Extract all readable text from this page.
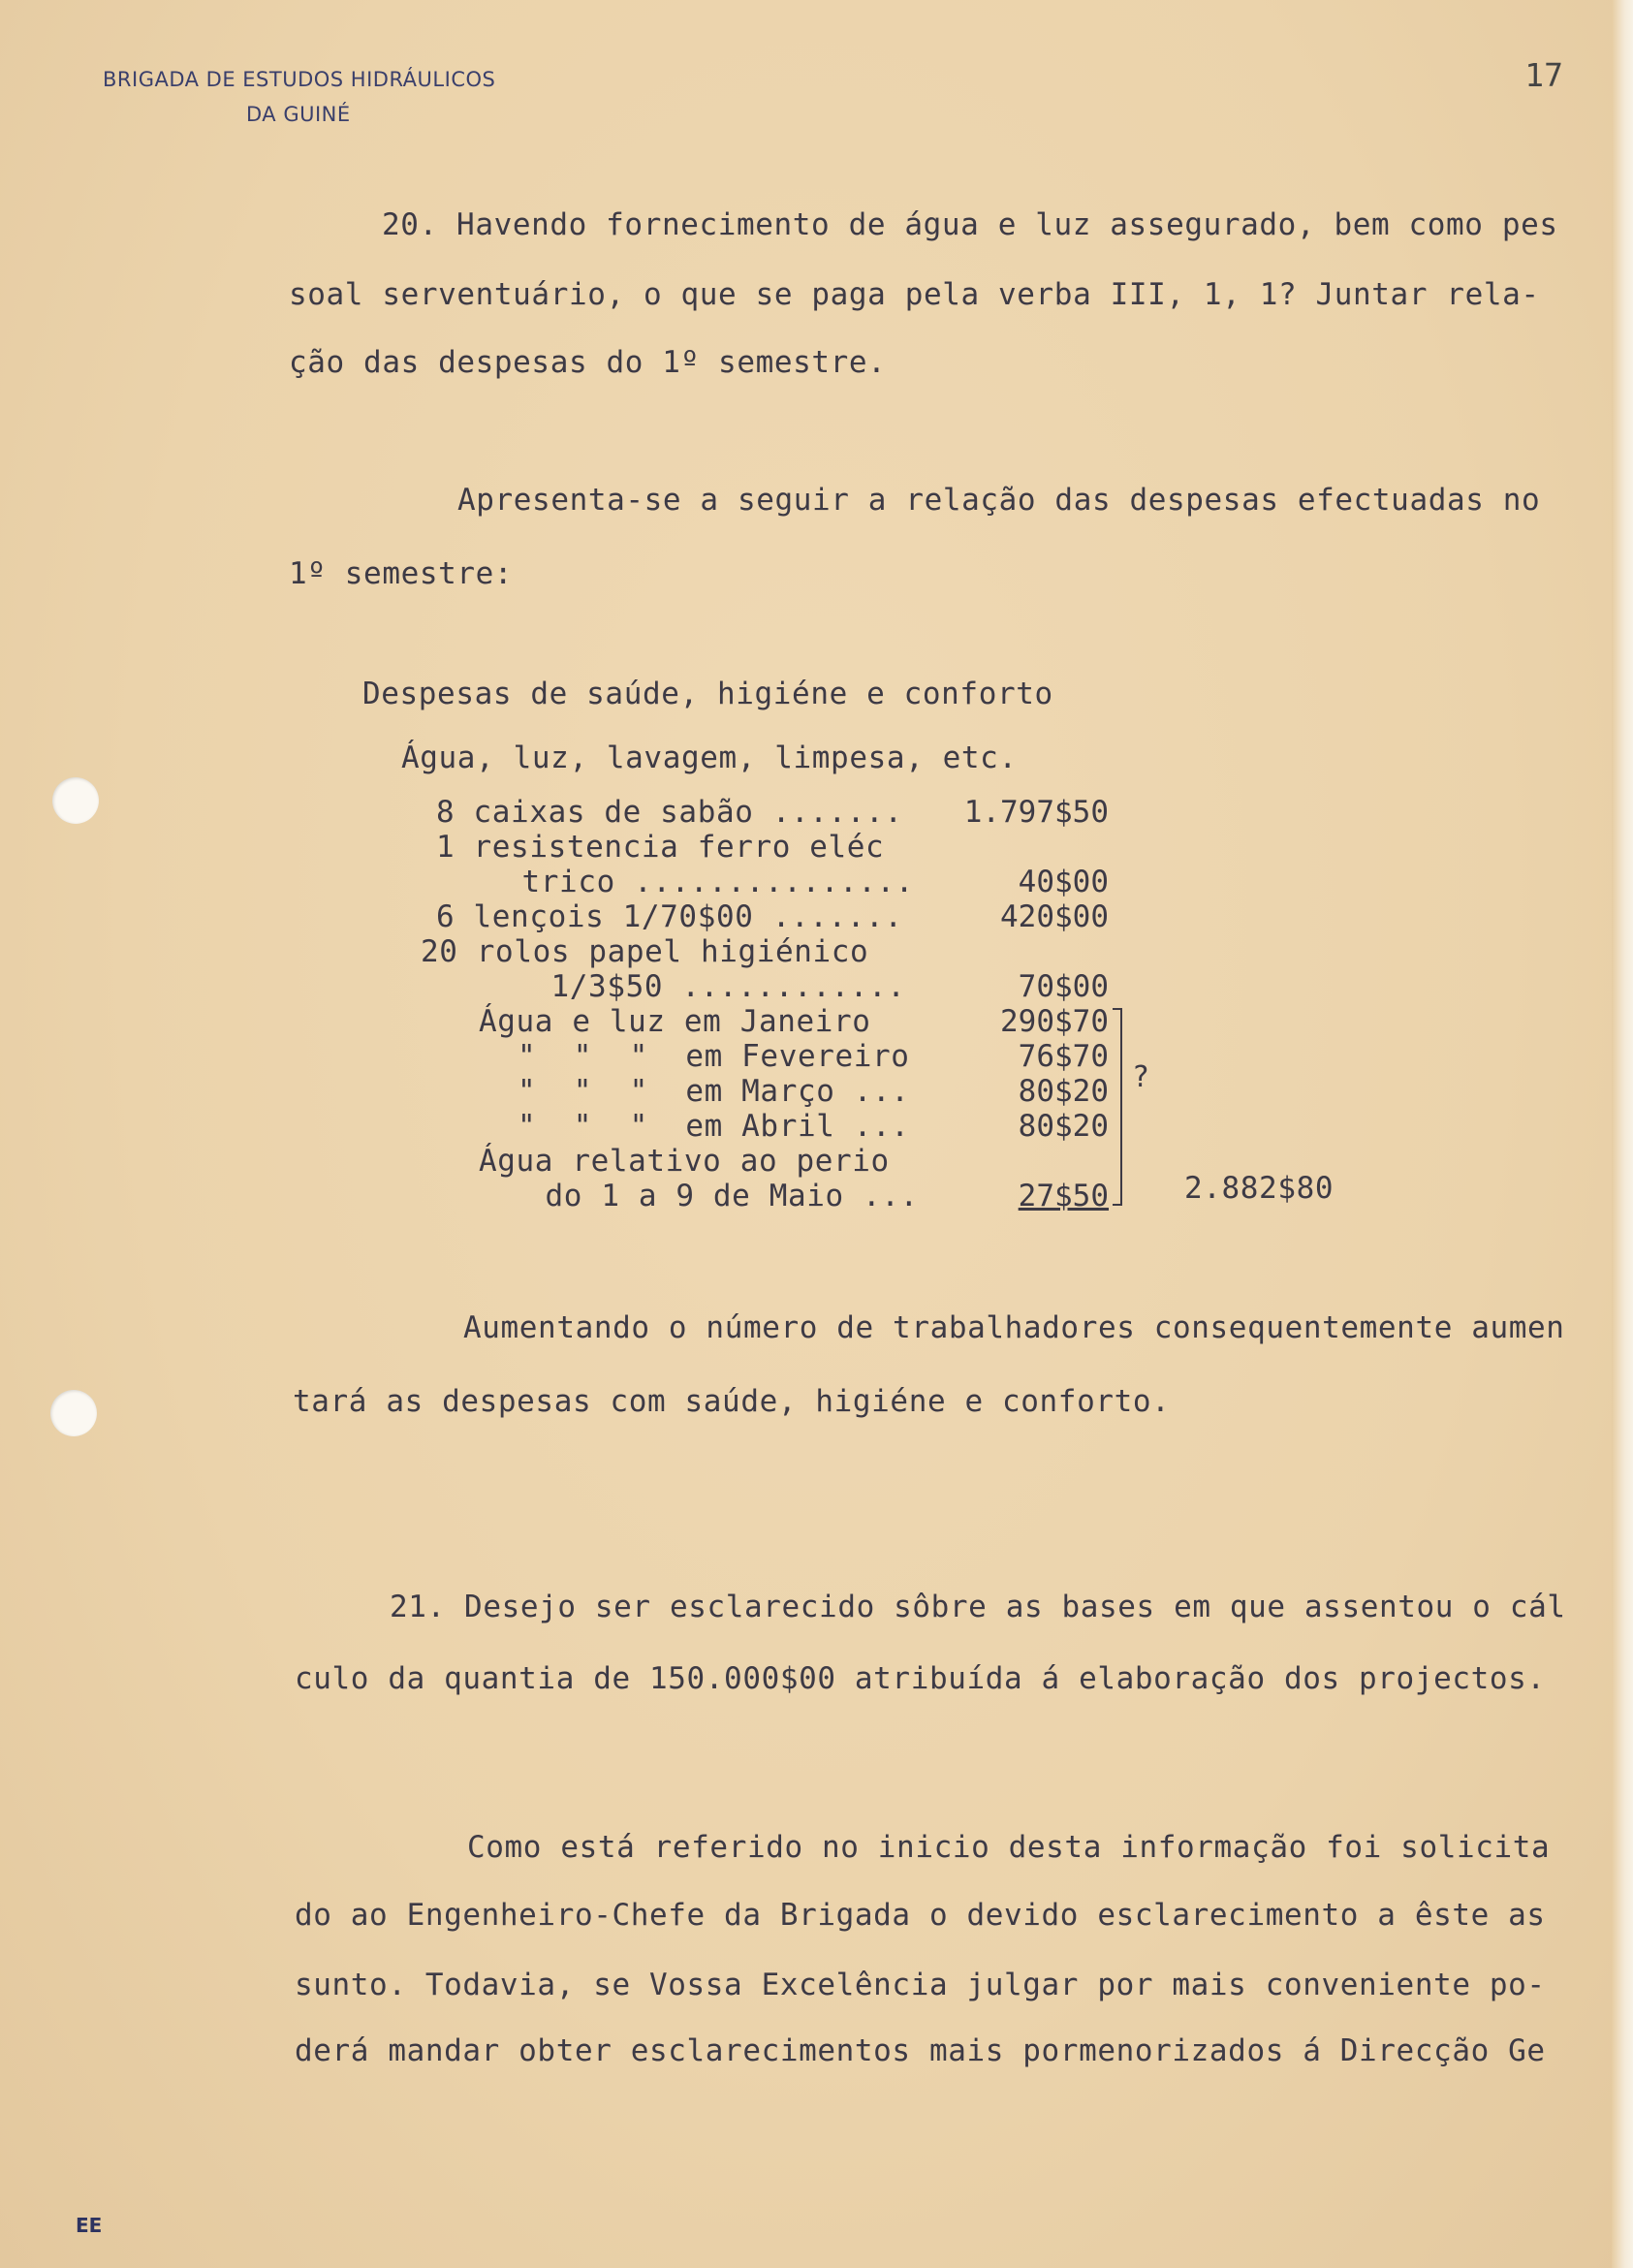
BRIGADA DE ESTUDOS HIDRÁULICOS
DA GUINÉ
17
20. Havendo fornecimento de água e luz assegurado, bem como pes
soal serventuário, o que se paga pela verba III, 1, 1? Juntar rela-
ção das despesas do 1º semestre.
Apresenta-se a seguir a relação das despesas efectuadas no
1º semestre:
Despesas de saúde, higiéne e conforto
Água, luz, lavagem, limpesa, etc.
8 caixas de sabão .......	1.797$50
1 resistencia ferro eléc
trico ...............	40$00
6 lençois 1/70$00 .......	420$00
20 rolos papel higiénico
1/3$50 ............	70$00
Água e luz em Janeiro	290$70
"  "  "  em Fevereiro	76$70
"  "  "  em Março ...	80$20
"  "  "  em Abril ...	80$20
Água relativo ao perio
do 1 a 9 de Maio ...	27$50
?
2.882$80
Aumentando o número de trabalhadores consequentemente aumen
tará as despesas com saúde, higiéne e conforto.
21. Desejo ser esclarecido sôbre as bases em que assentou o cál
culo da quantia de 150.000$00 atribuída á elaboração dos projectos.
Como está referido no inicio desta informação foi solicita
do ao Engenheiro-Chefe da Brigada o devido esclarecimento a êste as
sunto. Todavia, se Vossa Excelência julgar por mais conveniente po-
derá mandar obter esclarecimentos mais pormenorizados á Direcção Ge
EE
